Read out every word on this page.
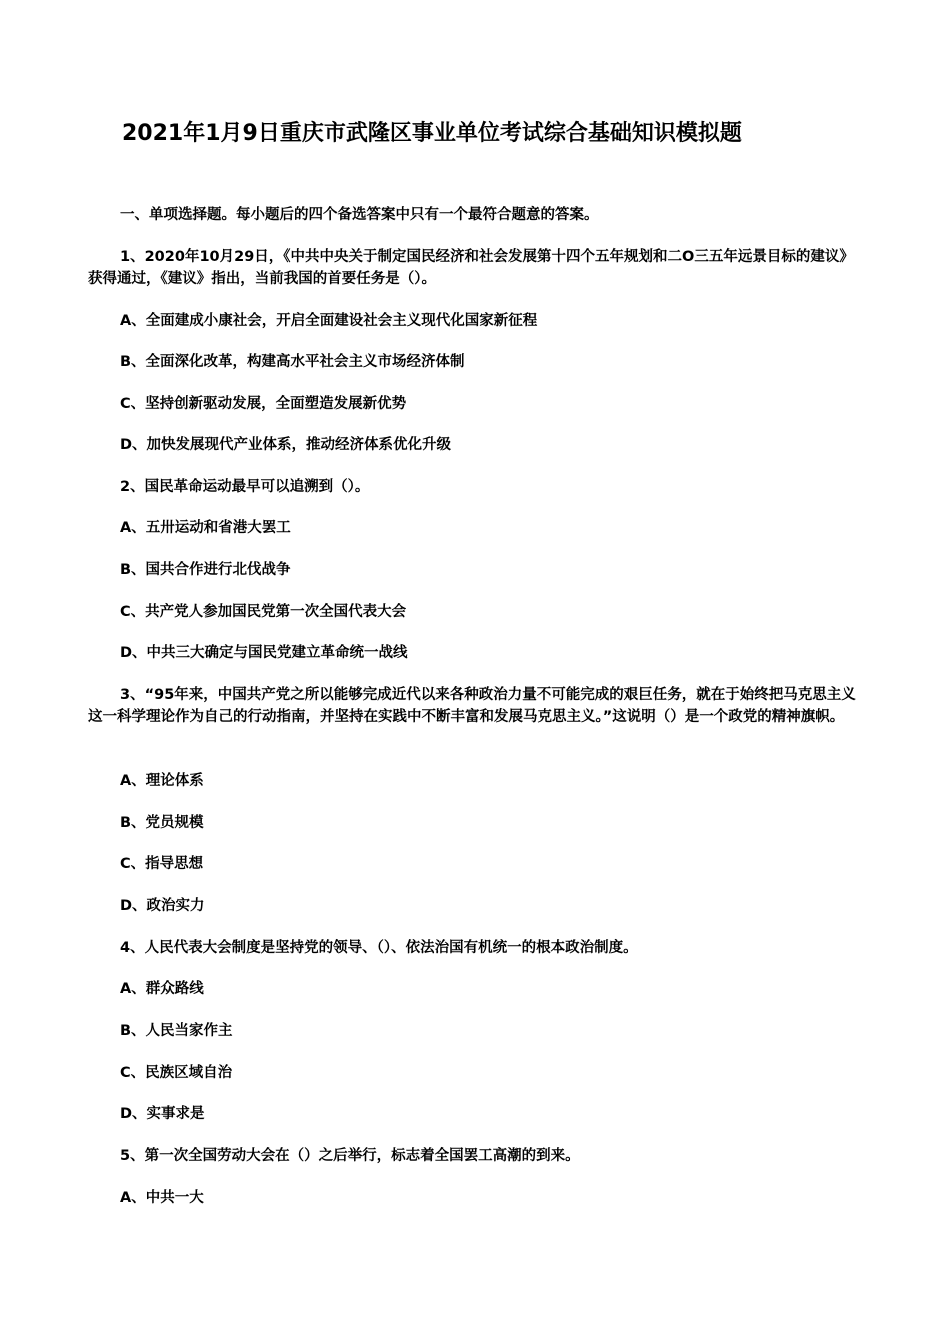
2021年1月9日重庆市武隆区事业单位考试综合基础知识模拟题

一、单项选择题。每小题后的四个备选答案中只有一个最符合题意的答案。

1、2020年10月29日，《中共中央关于制定国民经济和社会发展第十四个五年规划和二O三五年远景目标的建议》获得通过，《建议》指出，当前我国的首要任务是（）。

A、全面建成小康社会，开启全面建设社会主义现代化国家新征程

B、全面深化改革，构建高水平社会主义市场经济体制

C、坚持创新驱动发展，全面塑造发展新优势

D、加快发展现代产业体系，推动经济体系优化升级

2、国民革命运动最早可以追溯到（）。

A、五卅运动和省港大罢工

B、国共合作进行北伐战争

C、共产党人参加国民党第一次全国代表大会

D、中共三大确定与国民党建立革命统一战线

3、“95年来，中国共产党之所以能够完成近代以来各种政治力量不可能完成的艰巨任务，就在于始终把马克思主义这一科学理论作为自己的行动指南，并坚持在实践中不断丰富和发展马克思主义。”这说明（）是一个政党的精神旗帜。

A、理论体系

B、党员规模

C、指导思想

D、政治实力

4、人民代表大会制度是坚持党的领导、（）、依法治国有机统一的根本政治制度。

A、群众路线

B、人民当家作主

C、民族区域自治

D、实事求是

5、第一次全国劳动大会在（）之后举行，标志着全国罢工高潮的到来。

A、中共一大
